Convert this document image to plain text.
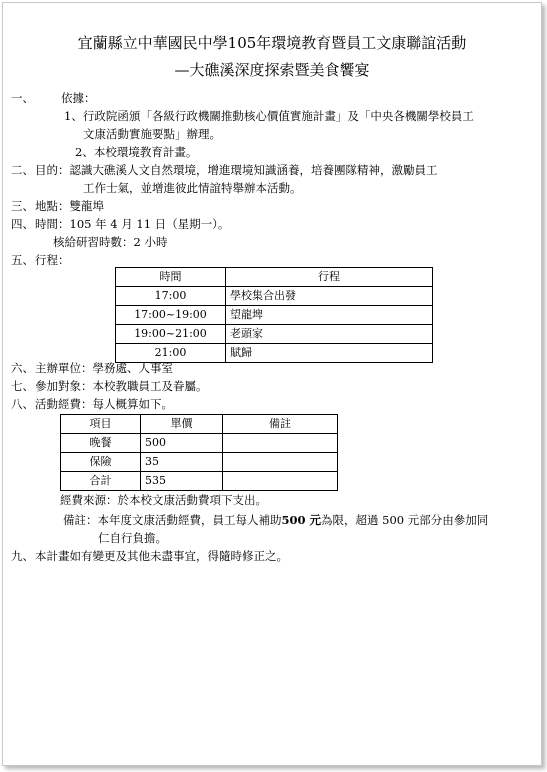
宜蘭縣立中華國民中學105年環境教育暨員工文康聯誼活動
—大礁溪深度探索暨美食饗宴
一、 依據：
1、行政院函頒「各級行政機關推動核心價值實施計畫」及「中央各機關學校員工
文康活動實施要點」辦理。
2、本校環境教育計畫。
二、 目的：認識大礁溪人文自然環境，增進環境知識涵養，培養團隊精神，激勵員工
工作士氣，並增進彼此情誼特舉辦本活動。
三、 地點：雙龍埠
四、 時間：105 年 4 月 11 日（星期一）。
核給研習時數：2 小時
五、 行程：
時間	行程
17:00	學校集合出發
17:00~19:00	望龍埤
19:00~21:00	老頭家
21:00	賦歸
六、 主辦單位：學務處、人事室
七、 參加對象：本校教職員工及眷屬。
八、 活動經費：每人概算如下。
項目	單價	備註
晚餐	500	
保險	35	
合計	535	
經費來源：於本校文康活動費項下支出。
備註：本年度文康活動經費，員工每人補助500 元為限，超過 500 元部分由參加同
仁自行負擔。
九、 本計畫如有變更及其他未盡事宜，得隨時修正之。
